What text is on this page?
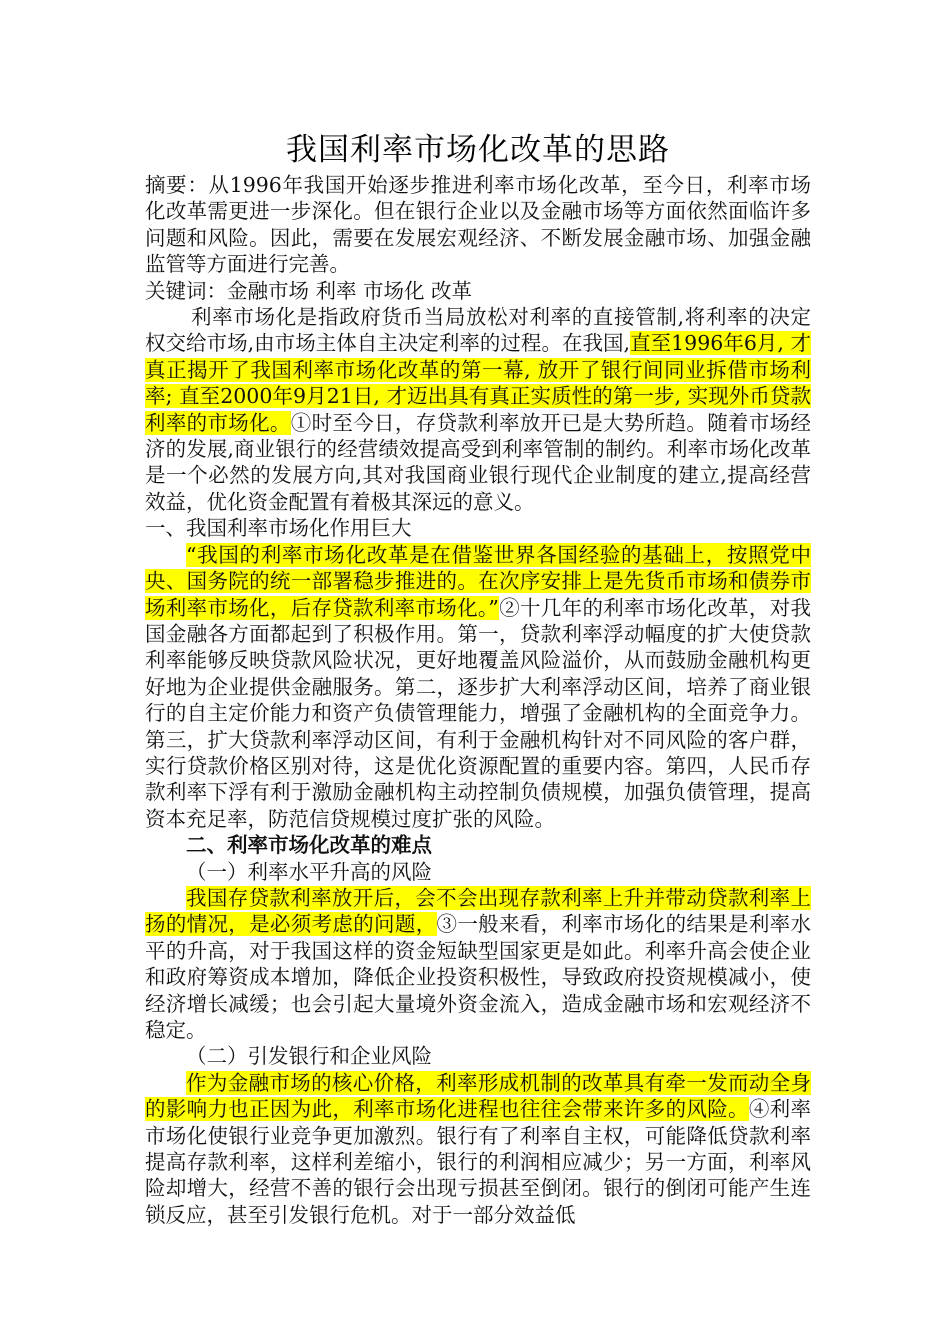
我国利率市场化改革的思路

摘要：从1996年我国开始逐步推进利率市场化改革，至今日，利率市场化改革需更进一步深化。但在银行企业以及金融市场等方面依然面临许多问题和风险。因此，需要在发展宏观经济、不断发展金融市场、加强金融监管等方面进行完善。

关键词：金融市场 利率 市场化 改革

利率市场化是指政府货币当局放松对利率的直接管制,将利率的决定权交给市场,由市场主体自主决定利率的过程。在我国,直至1996年6月, 才真正揭开了我国利率市场化改革的第一幕, 放开了银行间同业拆借市场利率; 直至2000年9月21日, 才迈出具有真正实质性的第一步, 实现外币贷款利率的市场化。①时至今日，存贷款利率放开已是大势所趋。随着市场经济的发展,商业银行的经营绩效提高受到利率管制的制约。利率市场化改革是一个必然的发展方向,其对我国商业银行现代企业制度的建立,提高经营效益，优化资金配置有着极其深远的意义。

一、我国利率市场化作用巨大

“我国的利率市场化改革是在借鉴世界各国经验的基础上，按照党中央、国务院的统一部署稳步推进的。在次序安排上是先货币市场和债券市场利率市场化，后存贷款利率市场化。”②十几年的利率市场化改革，对我国金融各方面都起到了积极作用。第一，贷款利率浮动幅度的扩大使贷款利率能够反映贷款风险状况，更好地覆盖风险溢价，从而鼓励金融机构更好地为企业提供金融服务。第二，逐步扩大利率浮动区间，培养了商业银行的自主定价能力和资产负债管理能力，增强了金融机构的全面竞争力。第三，扩大贷款利率浮动区间，有利于金融机构针对不同风险的客户群，实行贷款价格区别对待，这是优化资源配置的重要内容。第四，人民币存款利率下浮有利于激励金融机构主动控制负债规模，加强负债管理，提高资本充足率，防范信贷规模过度扩张的风险。

二、利率市场化改革的难点

（一）利率水平升高的风险

我国存贷款利率放开后，会不会出现存款利率上升并带动贷款利率上扬的情况，是必须考虑的问题，③一般来看，利率市场化的结果是利率水平的升高，对于我国这样的资金短缺型国家更是如此。利率升高会使企业和政府筹资成本增加，降低企业投资积极性，导致政府投资规模减小，使经济增长减缓；也会引起大量境外资金流入，造成金融市场和宏观经济不稳定。

（二）引发银行和企业风险

作为金融市场的核心价格，利率形成机制的改革具有牵一发而动全身的影响力也正因为此，利率市场化进程也往往会带来许多的风险。④利率市场化使银行业竞争更加激烈。银行有了利率自主权，可能降低贷款利率提高存款利率，这样利差缩小，银行的利润相应减少；另一方面，利率风险却增大，经营不善的银行会出现亏损甚至倒闭。银行的倒闭可能产生连锁反应，甚至引发银行危机。对于一部分效益低
